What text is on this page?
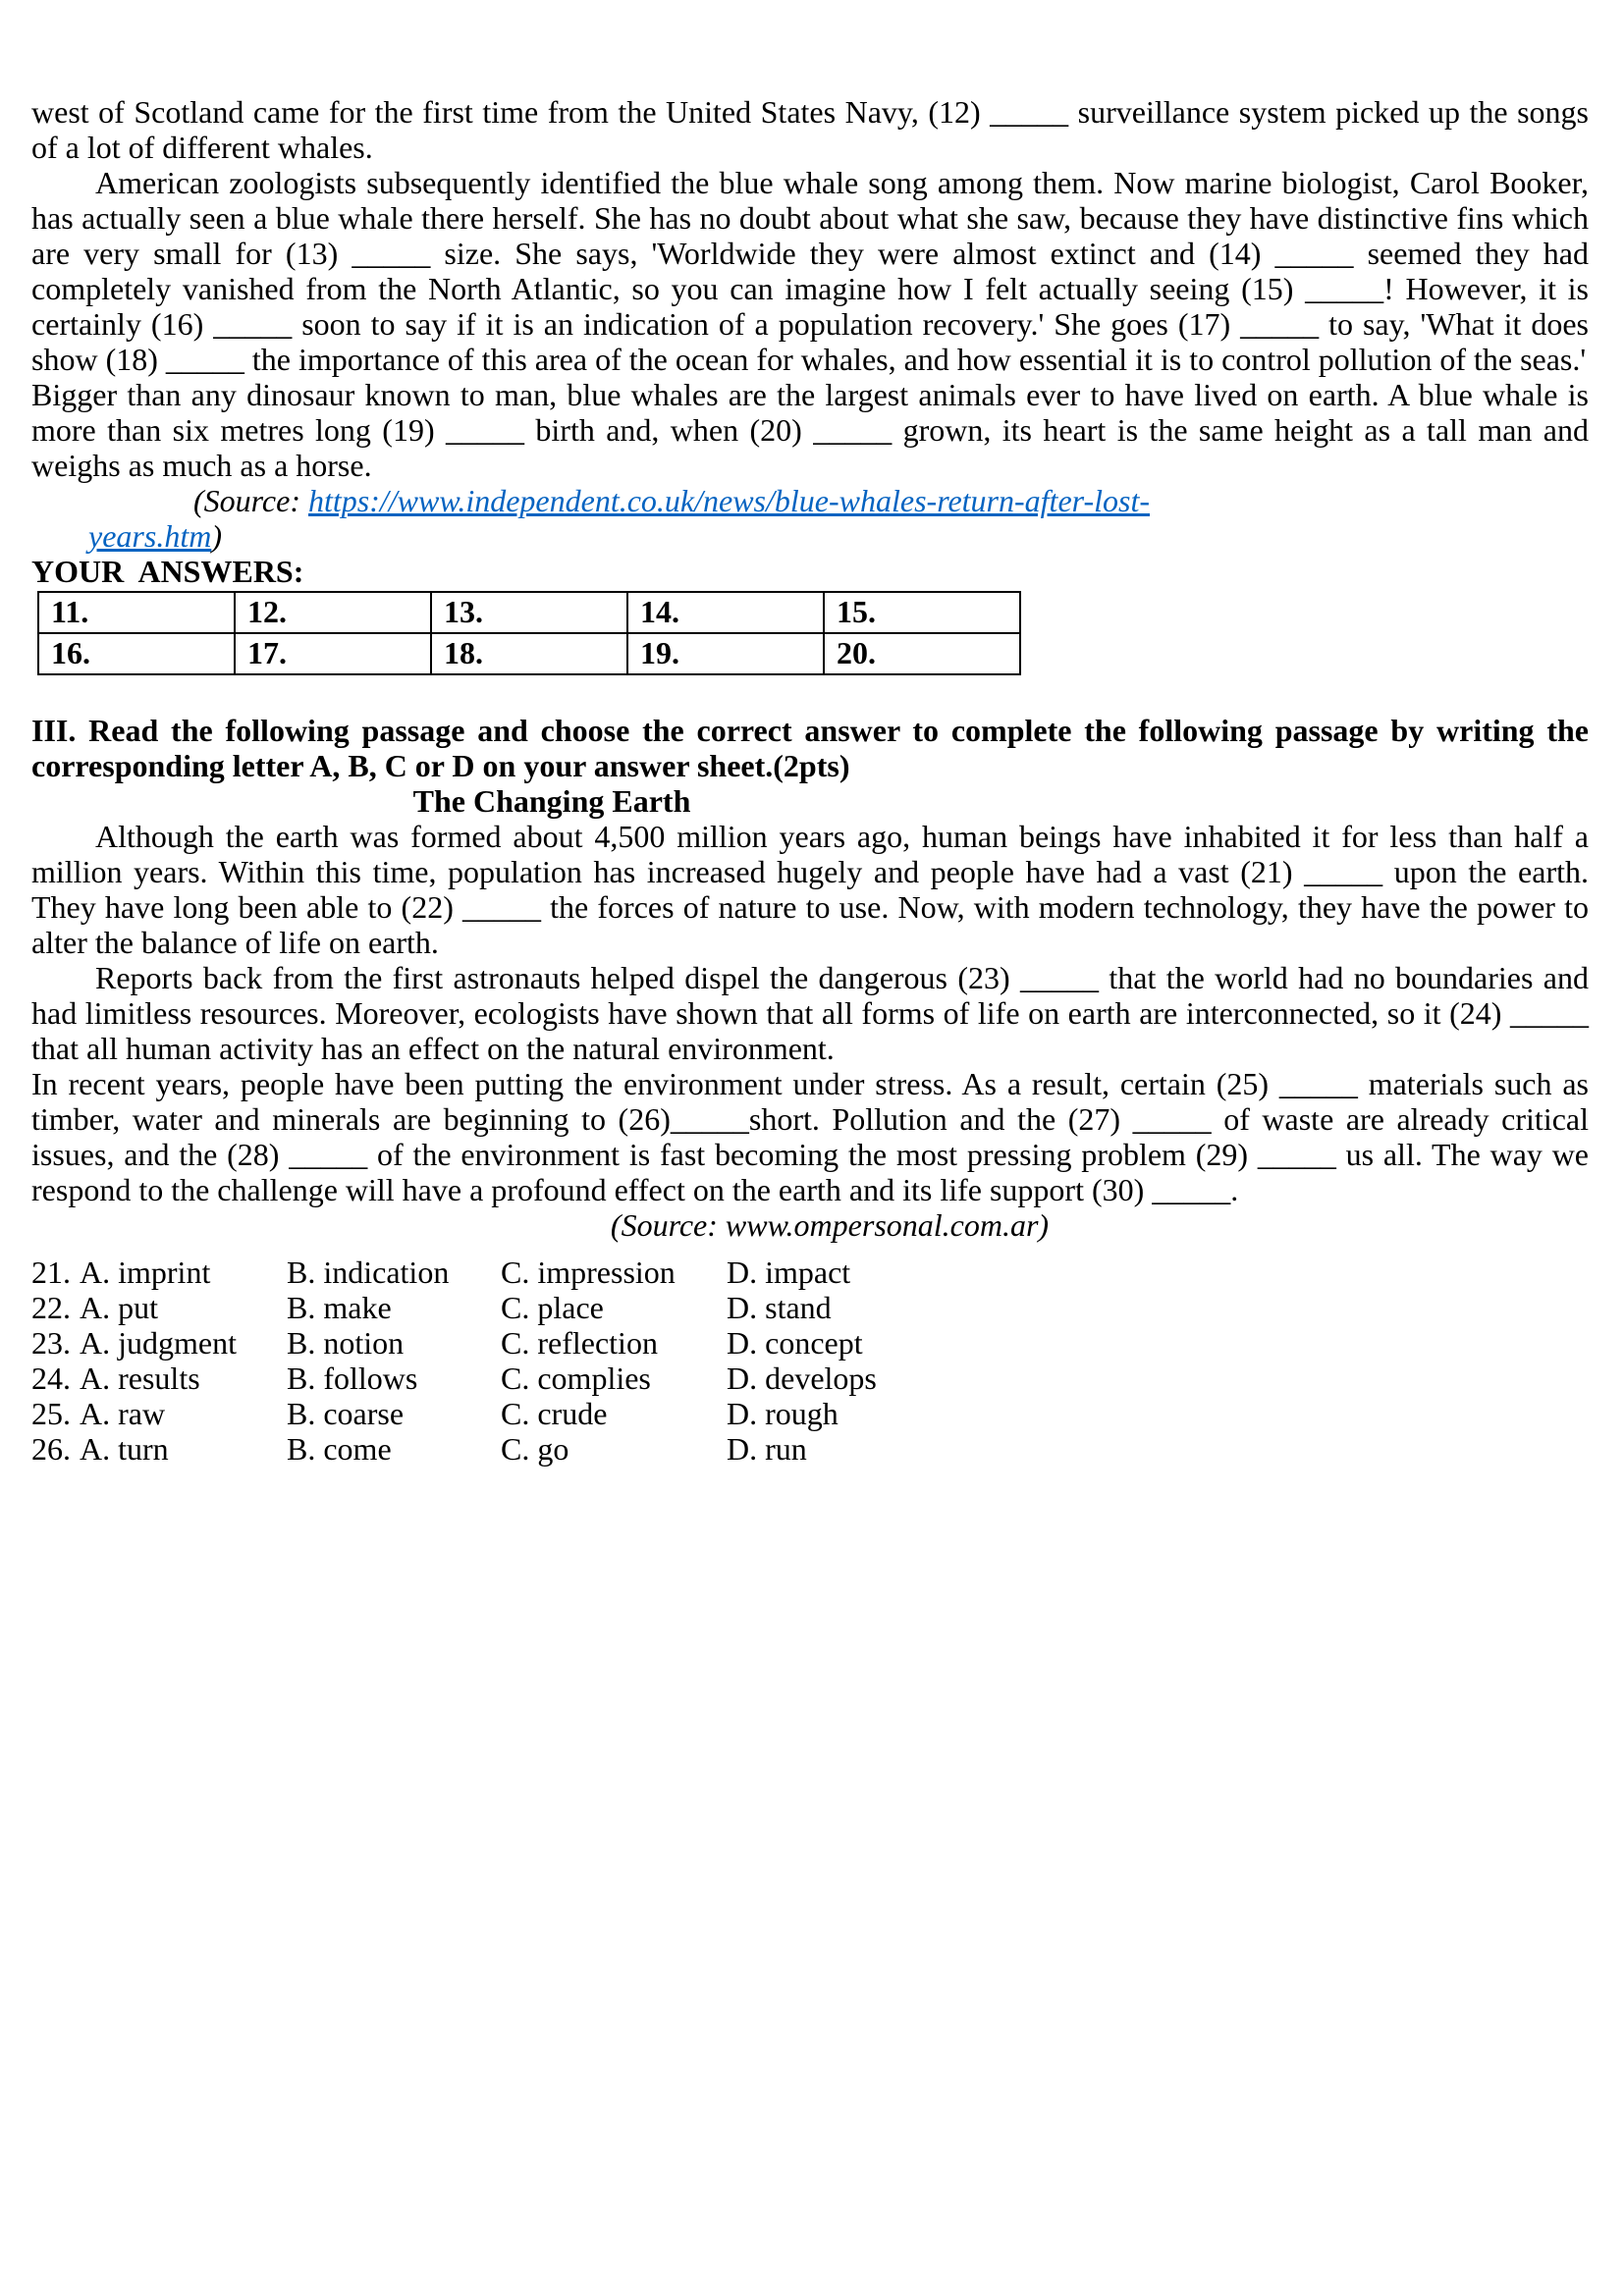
west of Scotland came for the first time from the United States Navy, (12) _____ surveillance system picked up the songs of a lot of different whales.

American zoologists subsequently identified the blue whale song among them. Now marine biologist, Carol Booker, has actually seen a blue whale there herself. She has no doubt about what she saw, because they have distinctive fins which are very small for (13) _____ size. She says, 'Worldwide they were almost extinct and (14) _____ seemed they had completely vanished from the North Atlantic, so you can imagine how I felt actually seeing (15) _____! However, it is certainly (16) _____ soon to say if it is an indication of a population recovery.' She goes (17) _____ to say, 'What it does show (18) _____ the importance of this area of the ocean for whales, and how essential it is to control pollution of the seas.'

Bigger than any dinosaur known to man, blue whales are the largest animals ever to have lived on earth. A blue whale is more than six metres long (19) _____ birth and, when (20) _____ grown, its heart is the same height as a tall man and weighs as much as a horse.

(Source: https://www.independent.co.uk/news/blue-whales-return-after-lost-
years.htm)
YOUR  ANSWERS:
11.	12.	13.	14.	15.
16.	17.	18.	19.	20.

III. Read the following passage and choose the correct answer to complete the following passage by writing the corresponding letter A, B, C or D on your answer sheet.(2pts)

The Changing Earth

Although the earth was formed about 4,500 million years ago, human beings have inhabited it for less than half a million years. Within this time, population has increased hugely and people have had a vast (21) _____ upon the earth. They have long been able to (22) _____ the forces of nature to use. Now, with modern technology, they have the power to alter the balance of life on earth.

Reports back from the first astronauts helped dispel the dangerous (23) _____ that the world had no boundaries and had limitless resources. Moreover, ecologists have shown that all forms of life on earth are interconnected, so it (24) _____ that all human activity has an effect on the natural environment.

In recent years, people have been putting the environment under stress. As a result, certain (25) _____ materials such as timber, water and minerals are beginning to (26)_____short. Pollution and the (27) _____ of waste are already critical issues, and the (28) _____ of the environment is fast becoming the most pressing problem (29) _____ us all. The way we respond to the challenge will have a profound effect on the earth and its life support (30) _____.

(Source: www.ompersonal.com.ar)
21. A. imprint B. indication	C. impression	D. impact
22. A. put	B. make	C. place	D. stand
23. A. judgment B. notion	C. reflection	D. concept
24. A. results	B. follows	C. complies	D. develops
25. A. raw	B. coarse	C. crude	D. rough
26. A. turn	B. come	C. go	D. run
